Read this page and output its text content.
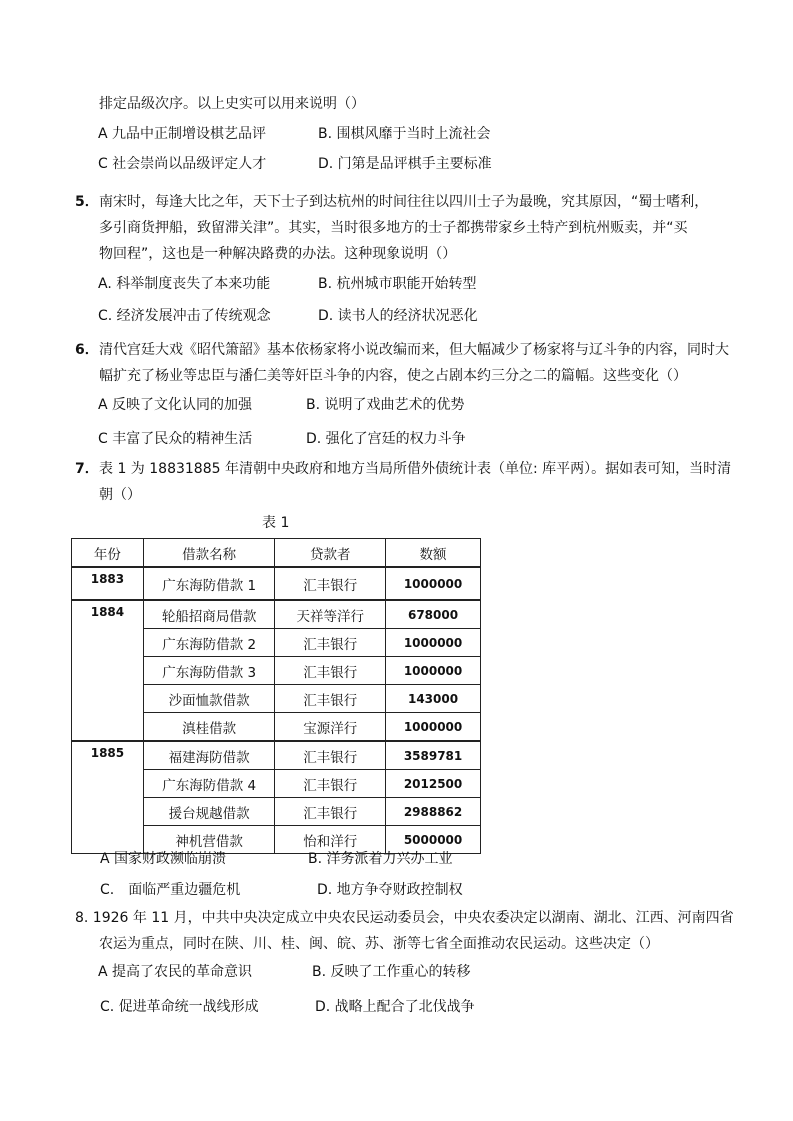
排定品级次序。以上史实可以用来说明（）
A 九品中正制增设棋艺品评	B. 围棋风靡于当时上流社会
C 社会崇尚以品级评定人才	D. 门第是品评棋手主要标准
5． 南宋时，每逢大比之年，天下士子到达杭州的时间往往以四川士子为最晚，究其原因，“蜀士嗜利，
多引商货押船，致留滞关津”。其实，当时很多地方的士子都携带家乡土特产到杭州贩卖，并“买
物回程”，这也是一种解决路费的办法。这种现象说明（）
A. 科举制度丧失了本来功能	B. 杭州城市职能开始转型
C. 经济发展冲击了传统观念	D. 读书人的经济状况恶化
6． 清代宫廷大戏《昭代箫韶》基本依杨家将小说改编而来，但大幅减少了杨家将与辽斗争的内容，同时大
幅扩充了杨业等忠臣与潘仁美等奸臣斗争的内容，使之占剧本约三分之二的篇幅。这些变化（）
A 反映了文化认同的加强	B. 说明了戏曲艺术的优势
C 丰富了民众的精神生活	D. 强化了宫廷的权力斗争
7． 表 1 为 18831885 年清朝中央政府和地方当局所借外债统计表（单位: 库平两）。据如表可知，当时清
朝（）
表 1
年份	借款名称	贷款者	数额
1883	广东海防借款 1	汇丰银行	1000000
1884	轮船招商局借款	天祥等洋行	678000
	广东海防借款 2	汇丰银行	1000000
	广东海防借款 3	汇丰银行	1000000
	沙面恤款借款	汇丰银行	143000
	滇桂借款	宝源洋行	1000000
1885	福建海防借款	汇丰银行	3589781
	广东海防借款 4	汇丰银行	2012500
	援台规越借款	汇丰银行	2988862
	神机营借款	怡和洋行	5000000
A 国家财政濒临崩溃	B. 洋务派着力兴办工业
C.　面临严重边疆危机	D. 地方争夺财政控制权
8. 1926 年 11 月，中共中央决定成立中央农民运动委员会，中央农委决定以湖南、湖北、江西、河南四省
农运为重点，同时在陕、川、桂、闽、皖、苏、浙等七省全面推动农民运动。这些决定（）
A 提高了农民的革命意识	B. 反映了工作重心的转移
C. 促进革命统一战线形成	D. 战略上配合了北伐战争
